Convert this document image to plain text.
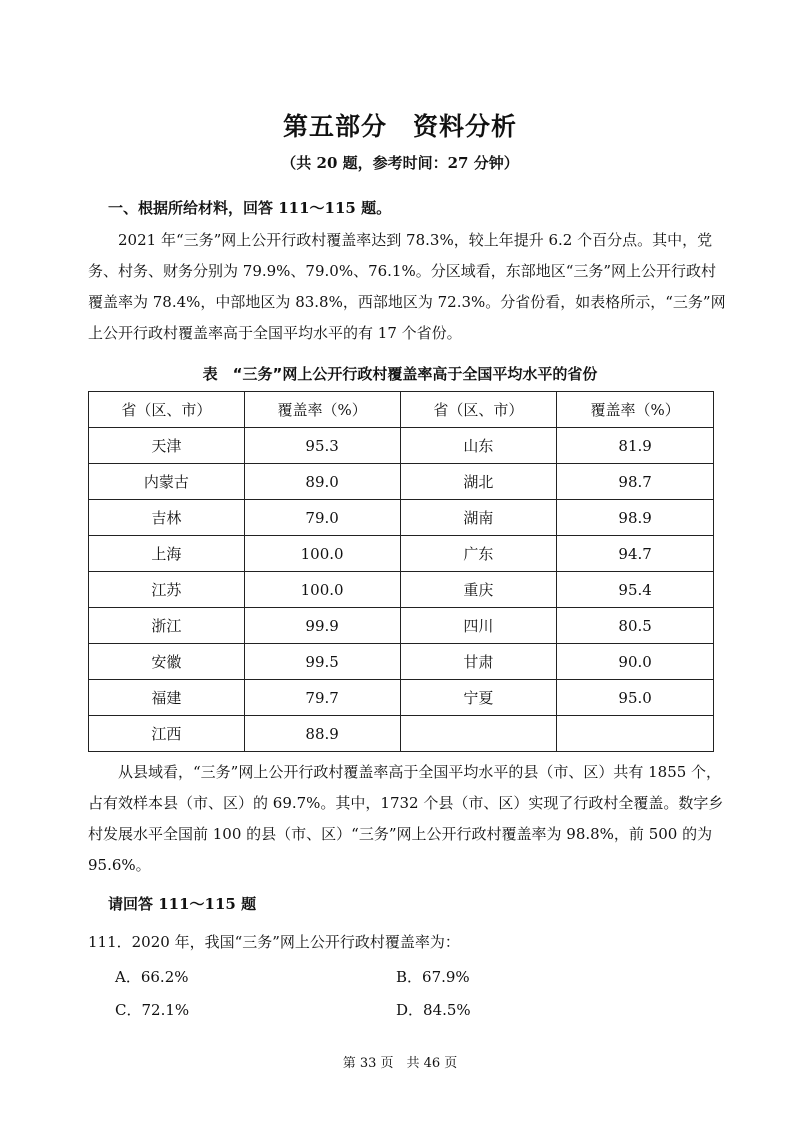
第五部分　资料分析
（共 20 题，参考时间：27 分钟）
一、根据所给材料，回答 111～115 题。

2021 年“三务”网上公开行政村覆盖率达到 78.3%，较上年提升 6.2 个百分点。其中，党务、村务、财务分别为 79.9%、79.0%、76.1%。分区域看，东部地区“三务”网上公开行政村覆盖率为 78.4%，中部地区为 83.8%，西部地区为 72.3%。分省份看，如表格所示，“三务”网上公开行政村覆盖率高于全国平均水平的有 17 个省份。

表　“三务”网上公开行政村覆盖率高于全国平均水平的省份
省（区、市）	覆盖率（%）	省（区、市）	覆盖率（%）
天津	95.3	山东	81.9
内蒙古	89.0	湖北	98.7
吉林	79.0	湖南	98.9
上海	100.0	广东	94.7
江苏	100.0	重庆	95.4
浙江	99.9	四川	80.5
安徽	99.5	甘肃	90.0
福建	79.7	宁夏	95.0
江西	88.9		

从县域看，“三务”网上公开行政村覆盖率高于全国平均水平的县（市、区）共有 1855 个，占有效样本县（市、区）的 69.7%。其中，1732 个县（市、区）实现了行政村全覆盖。数字乡村发展水平全国前 100 的县（市、区）“三务”网上公开行政村覆盖率为 98.8%，前 500 的为 95.6%。

请回答 111～115 题
111．2020 年，我国“三务”网上公开行政村覆盖率为：
A．66.2%	B．67.9%
C．72.1%	D．84.5%
第 33 页　共 46 页
